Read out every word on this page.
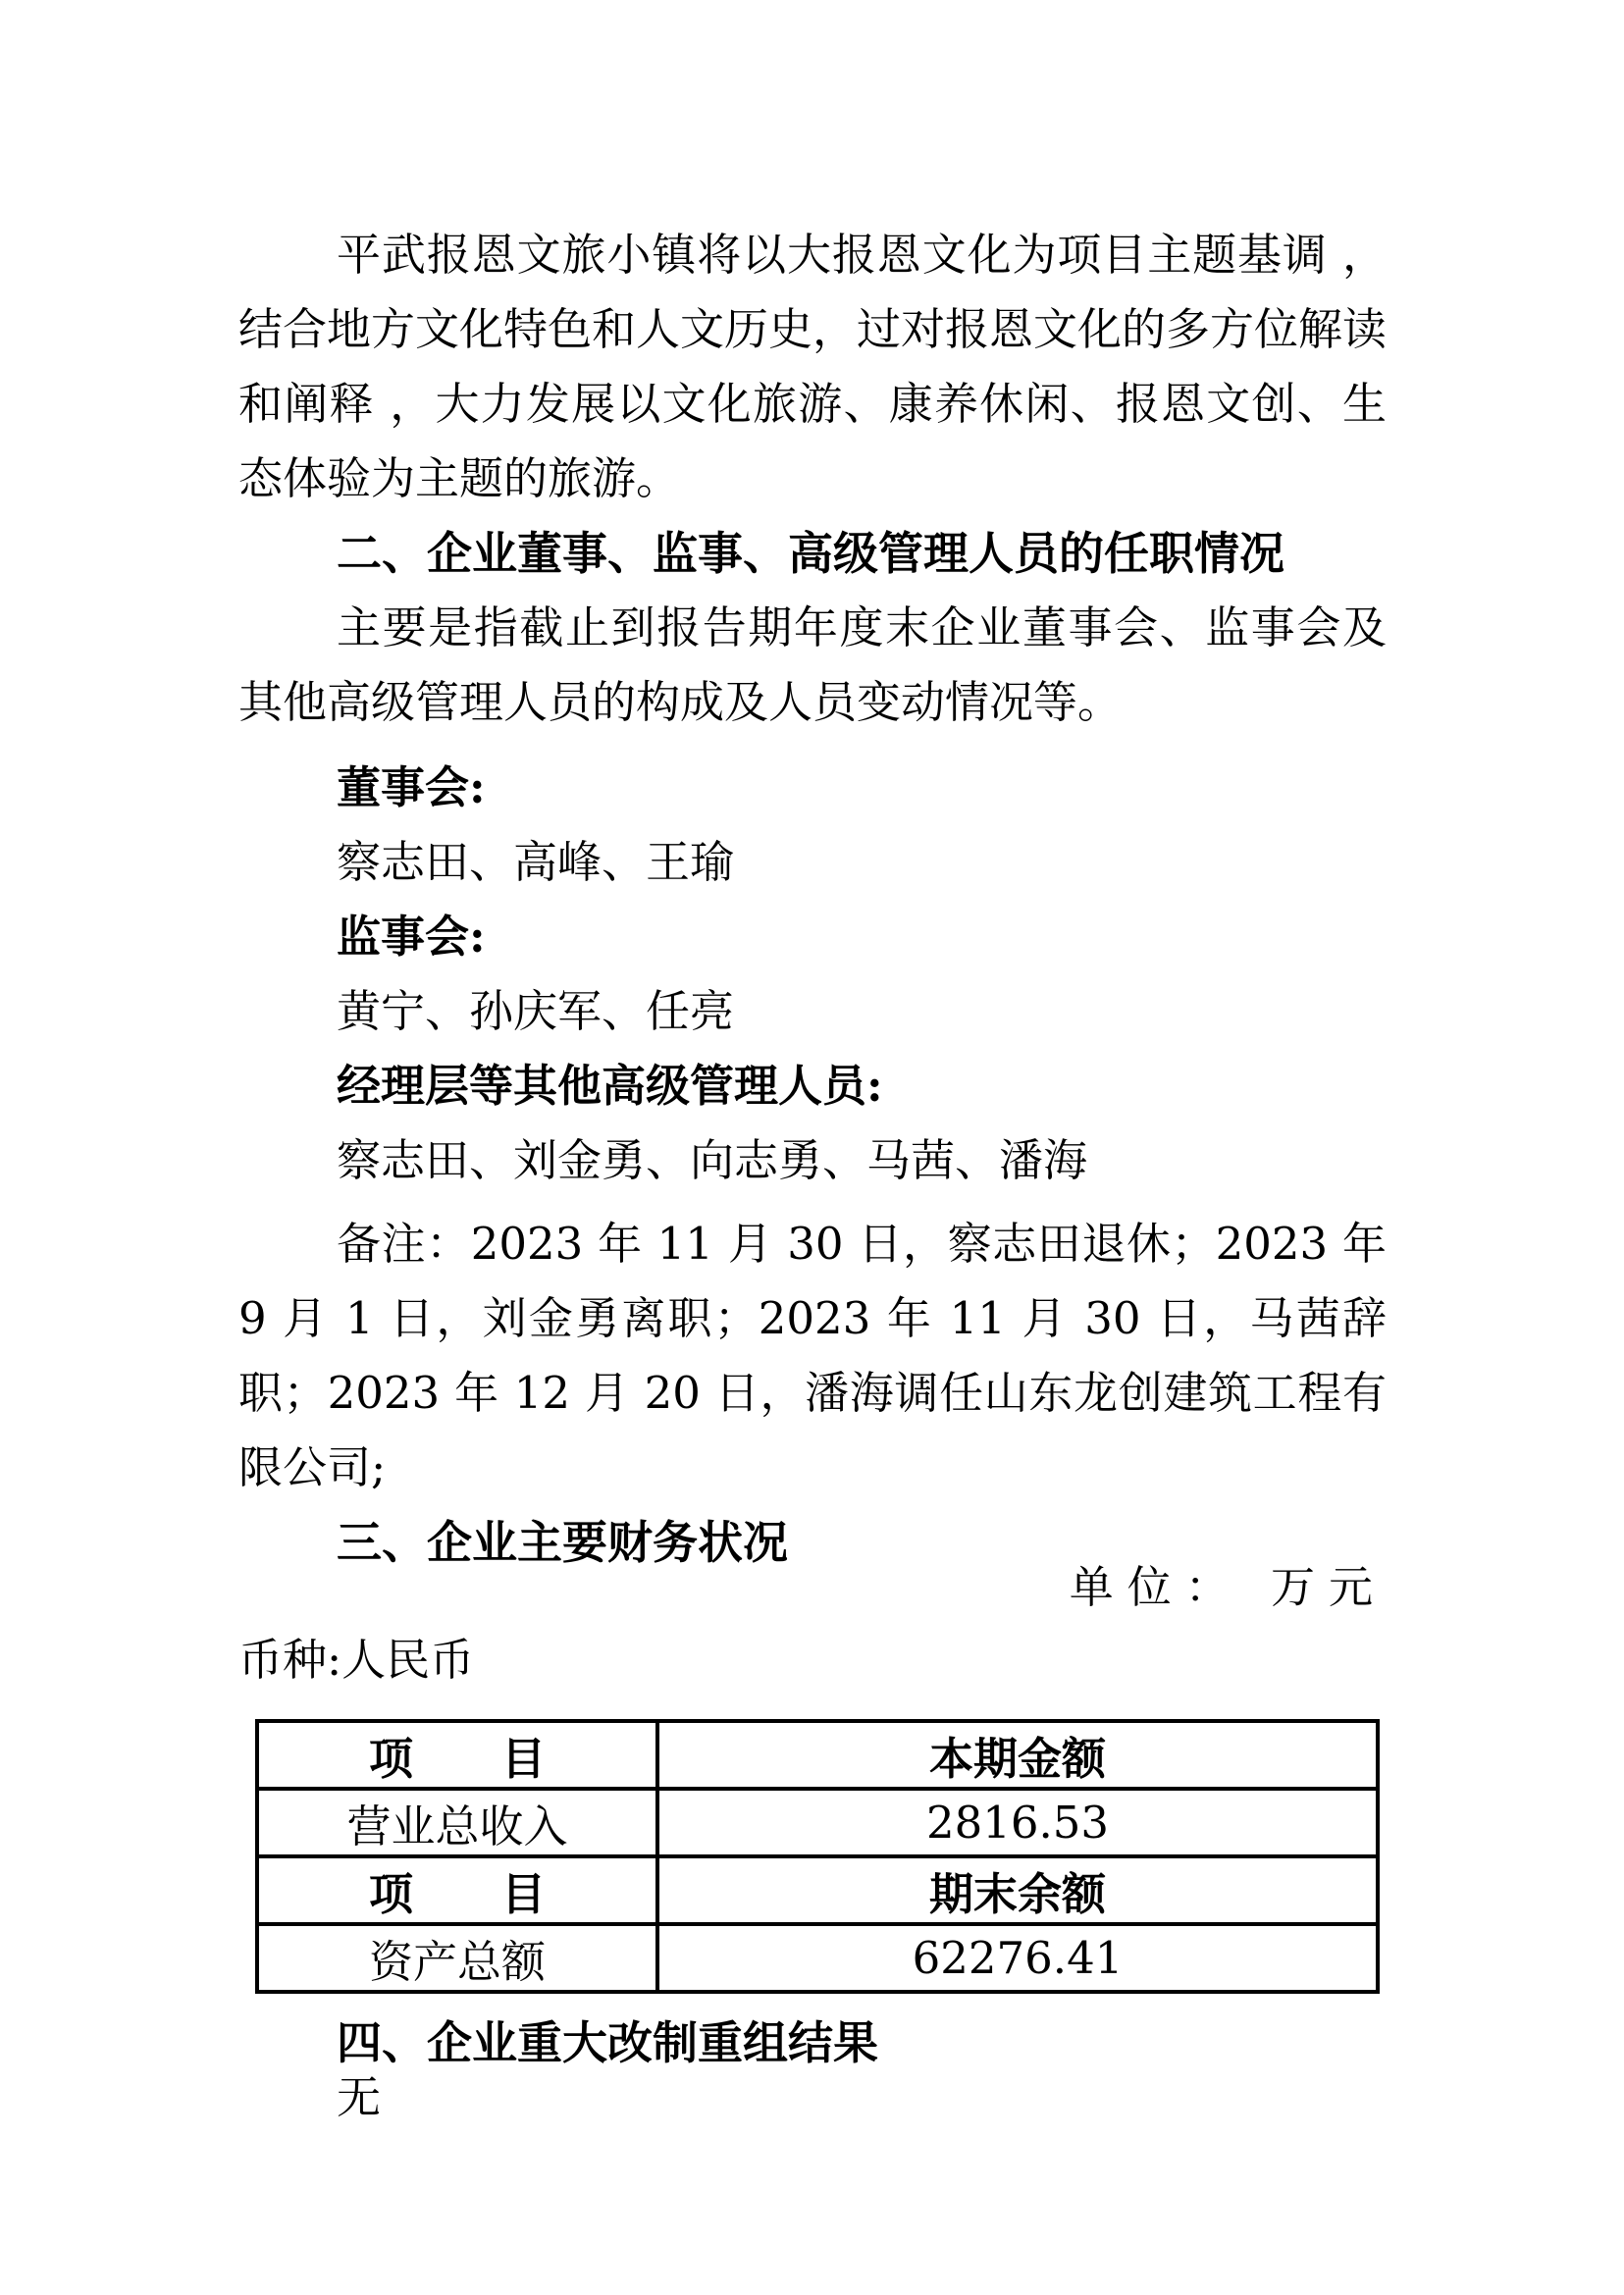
平武报恩文旅小镇将以大报恩文化为项目主题基调 ，结合地方文化特色和人文历史，过对报恩文化的多方位解读和阐释 ，大力发展以文化旅游、康养休闲、报恩文创、生态体验为主题的旅游。

二、企业董事、监事、高级管理人员的任职情况

主要是指截止到报告期年度末企业董事会、监事会及其他高级管理人员的构成及人员变动情况等。

董事会:
察志田、高峰、王瑜
监事会:
黄宁、孙庆军、任亮
经理层等其他高级管理人员:
察志田、刘金勇、向志勇、马茜、潘海

备注：2023 年 11 月 30 日，察志田退休；2023 年 9 月 1 日，刘金勇离职；2023 年 11 月 30 日，马茜辞职；2023 年 12 月 20 日，潘海调任山东龙创建筑工程有限公司;

三、企业主要财务状况
单位： 万元
币种:人民币
项　　目	本期金额
营业总收入	2816.53
项　　目	期末余额
资产总额	62276.41
四、企业重大改制重组结果
无
